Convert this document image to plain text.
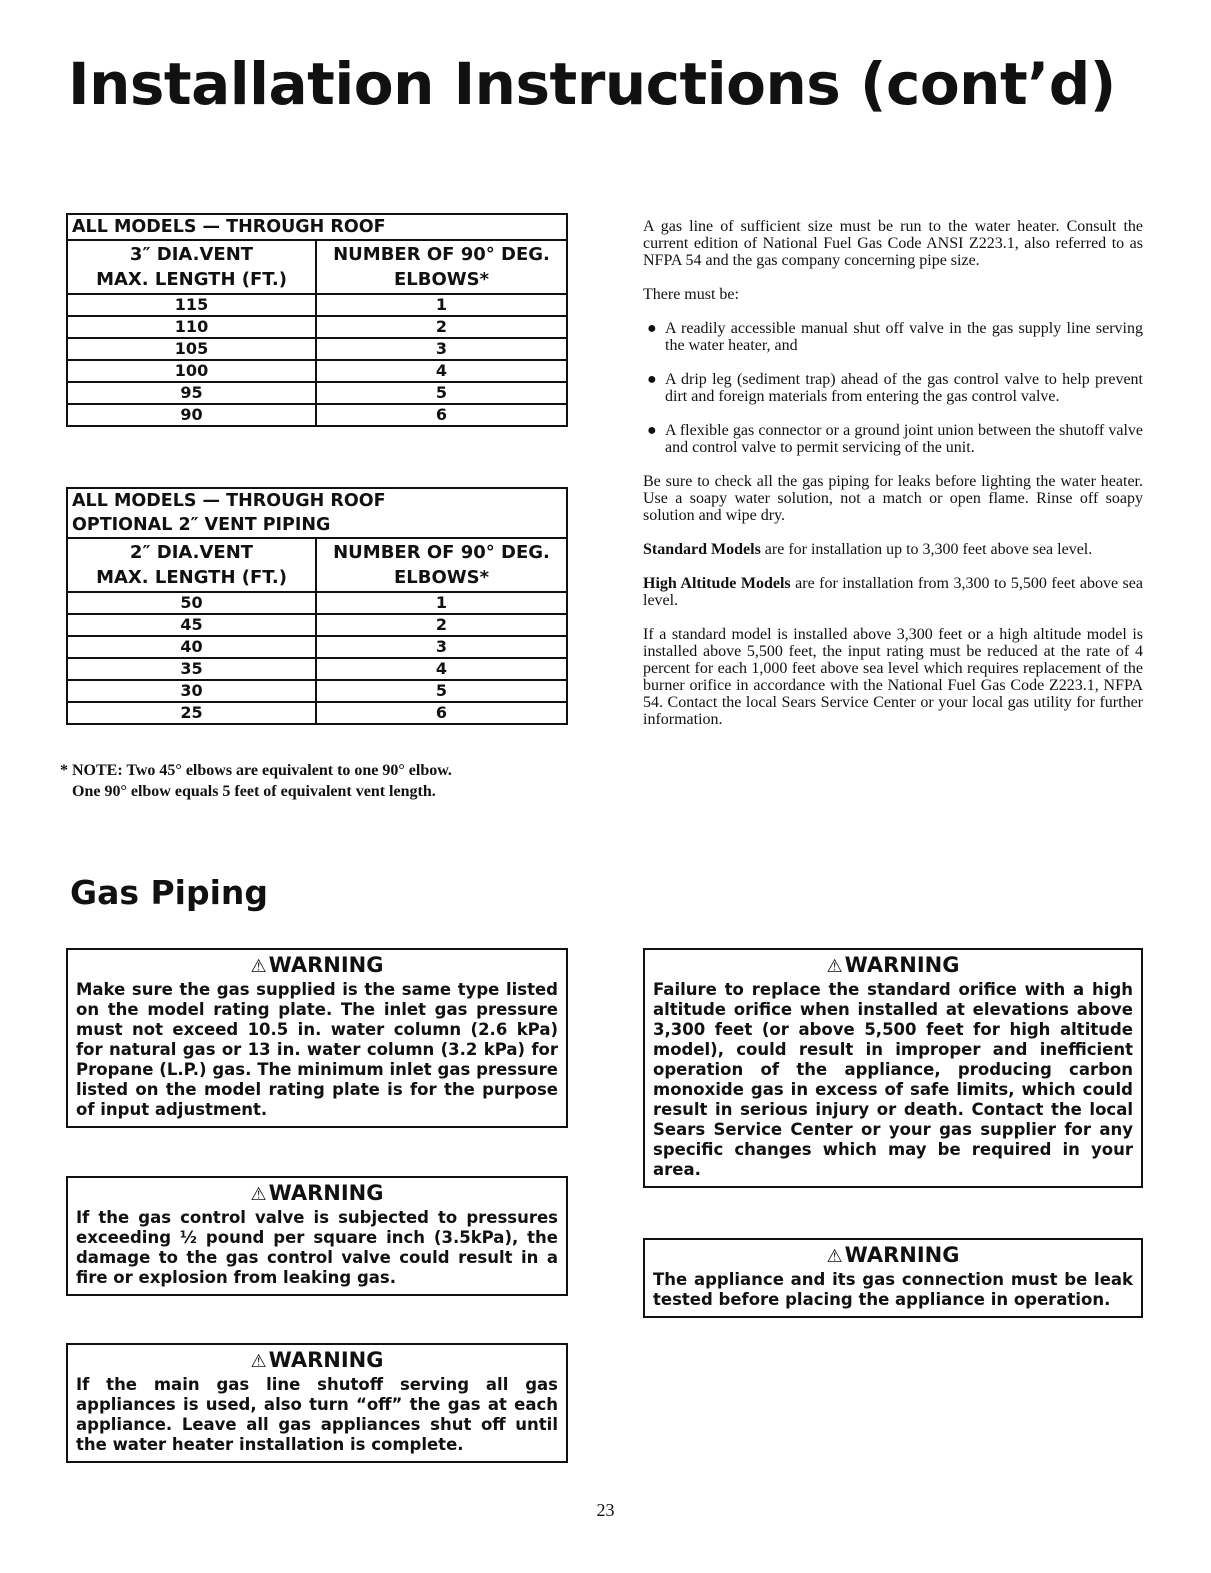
Installation Instructions (cont’d)
ALL MODELS — THROUGH ROOF
3″ DIA.VENT
MAX. LENGTH (FT.)
NUMBER OF 90° DEG.
ELBOWS*
115	1
110	2
105	3
100	4
95	5
90	6
ALL MODELS — THROUGH ROOF
OPTIONAL 2″ VENT PIPING
2″ DIA.VENT
MAX. LENGTH (FT.)
NUMBER OF 90° DEG.
ELBOWS*
50	1
45	2
40	3
35	4
30	5
25	6
* NOTE: Two 45° elbows are equivalent to one 90° elbow.
One 90° elbow equals 5 feet of equivalent vent length.
Gas Piping
⚠WARNING
Make sure the gas supplied is the same type listed on the model rating plate. The inlet gas pressure must not exceed 10.5 in. water column (2.6 kPa) for natural gas or 13 in. water column (3.2 kPa) for Propane (L.P.) gas. The minimum inlet gas pressure listed on the model rating plate is for the purpose of input adjustment.
⚠WARNING
If the gas control valve is subjected to pressures exceeding ½ pound per square inch (3.5kPa), the damage to the gas control valve could result in a fire or explosion from leaking gas.
⚠WARNING
If the main gas line shutoff serving all gas appliances is used, also turn “off” the gas at each appliance. Leave all gas appliances shut off until the water heater installation is complete.

A gas line of sufficient size must be run to the water heater. Consult the current edition of National Fuel Gas Code ANSI Z223.1, also referred to as NFPA 54 and the gas company concerning pipe size.

There must be:

● A readily accessible manual shut off valve in the gas supply line serving the water heater, and
● A drip leg (sediment trap) ahead of the gas control valve to help prevent dirt and foreign materials from entering the gas control valve.
● A flexible gas connector or a ground joint union between the shutoff valve and control valve to permit servicing of the unit.

Be sure to check all the gas piping for leaks before lighting the water heater. Use a soapy water solution, not a match or open flame. Rinse off soapy solution and wipe dry.

Standard Models are for installation up to 3,300 feet above sea level.

High Altitude Models are for installation from 3,300 to 5,500 feet above sea level.

If a standard model is installed above 3,300 feet or a high altitude model is installed above 5,500 feet, the input rating must be reduced at the rate of 4 percent for each 1,000 feet above sea level which requires replacement of the burner orifice in accordance with the National Fuel Gas Code Z223.1, NFPA 54. Contact the local Sears Service Center or your local gas utility for further information.

⚠WARNING
Failure to replace the standard orifice with a high altitude orifice when installed at elevations above 3,300 feet (or above 5,500 feet for high altitude model), could result in improper and inefficient operation of the appliance, producing carbon monoxide gas in excess of safe limits, which could result in serious injury or death. Contact the local Sears Service Center or your gas supplier for any specific changes which may be required in your area.
⚠WARNING
The appliance and its gas connection must be leak tested before placing the appliance in operation.
23
